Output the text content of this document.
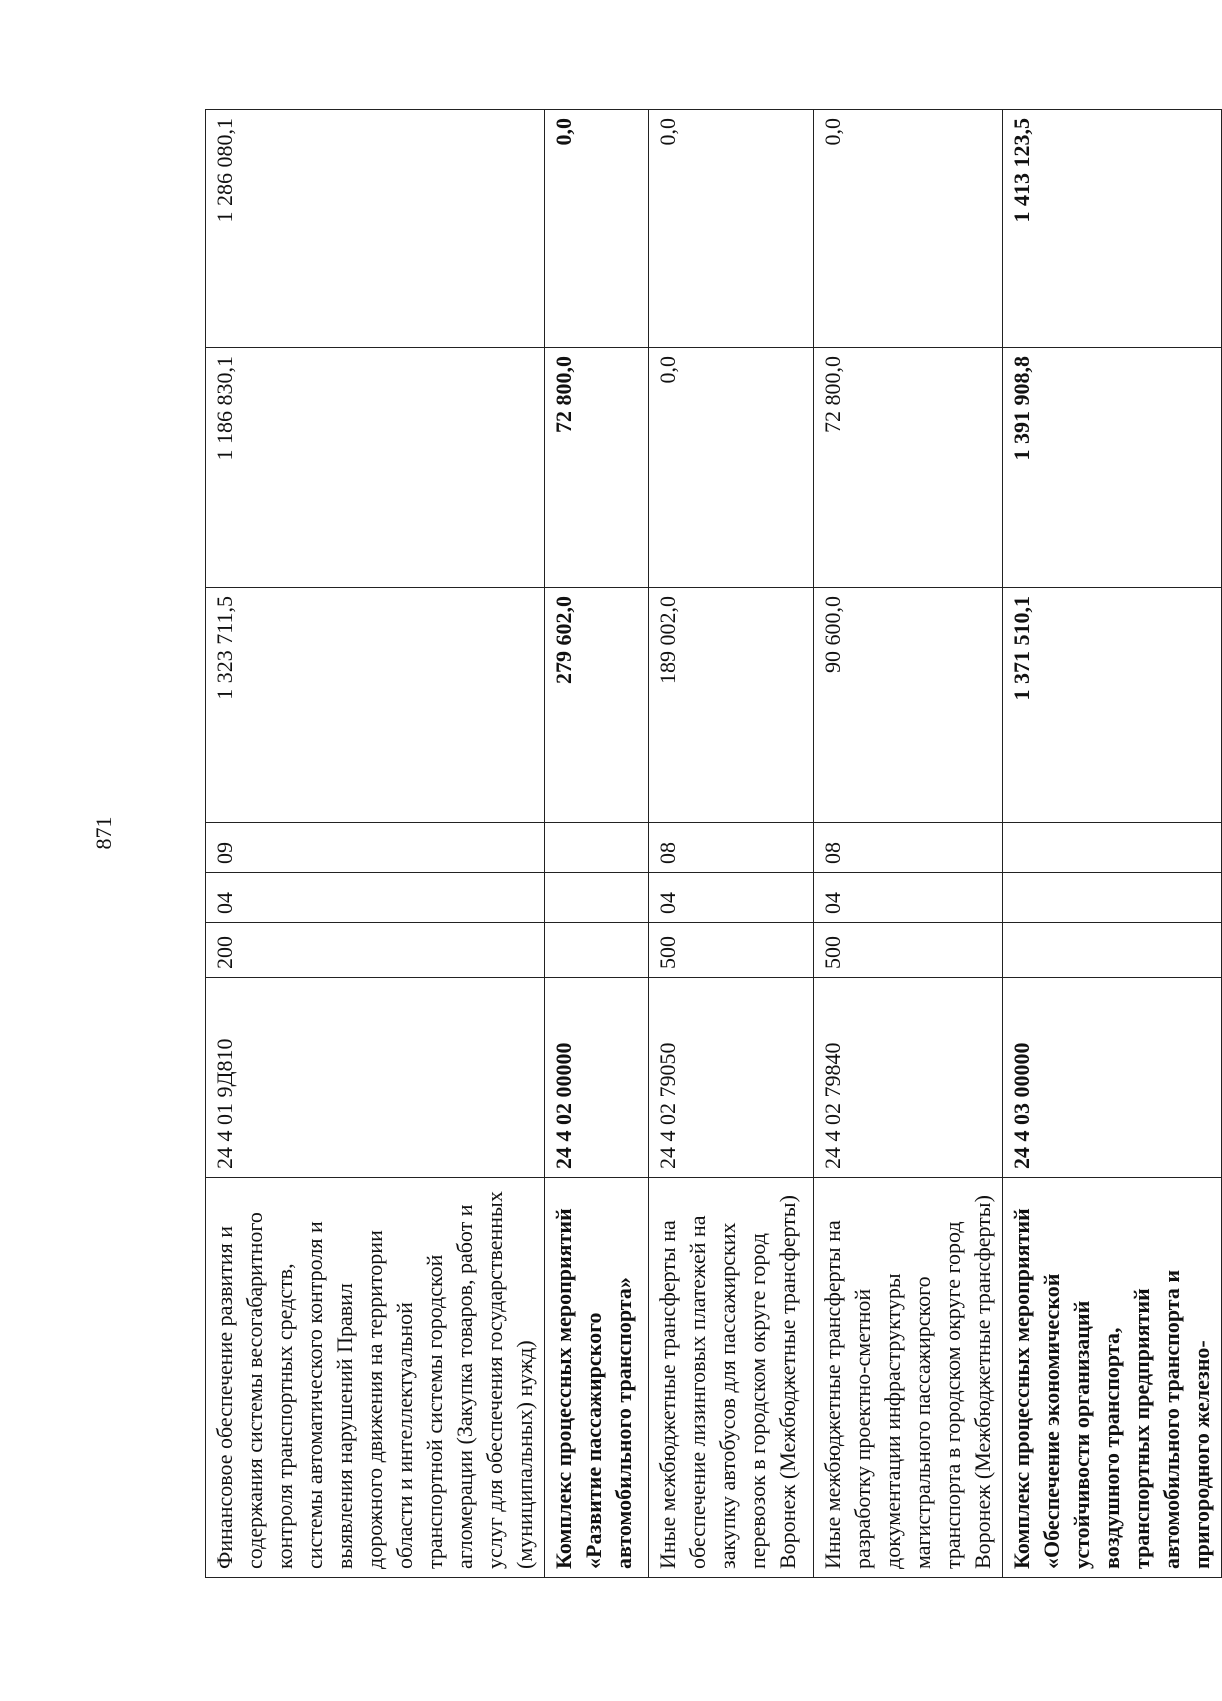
871
Финансовое обеспечение развития и содержания системы весогабаритного контроля транспортных средств, системы автоматического контроля и выявления нарушений Правил дорожного движения на территории области и интеллектуальной транспортной системы городской агломерации (Закупка товаров, работ и услуг для обеспечения государственных (муниципальных) нужд)	24 4 01 9Д810	200	04	09	1 323 711,5	1 186 830,1	1 286 080,1
Комплекс процессных мероприятий «Развитие пассажирского автомобильного транспорта»	24 4 02 00000				279 602,0	72 800,0	0,0
Иные межбюджетные трансферты на обеспечение лизинговых платежей на закупку автобусов для пассажирских перевозок в городском округе город Воронеж (Межбюджетные трансферты)	24 4 02 79050	500	04	08	189 002,0	0,0	0,0
Иные межбюджетные трансферты на разработку проектно-сметной документации инфраструктуры магистрального пассажирского транспорта в городском округе город Воронеж (Межбюджетные трансферты)	24 4 02 79840	500	04	08	90 600,0	72 800,0	0,0
Комплекс процессных мероприятий «Обеспечение экономической устойчивости организаций воздушного транспорта, транспортных предприятий автомобильного транспорта и пригородного железно-	24 4 03 00000				1 371 510,1	1 391 908,8	1 413 123,5
